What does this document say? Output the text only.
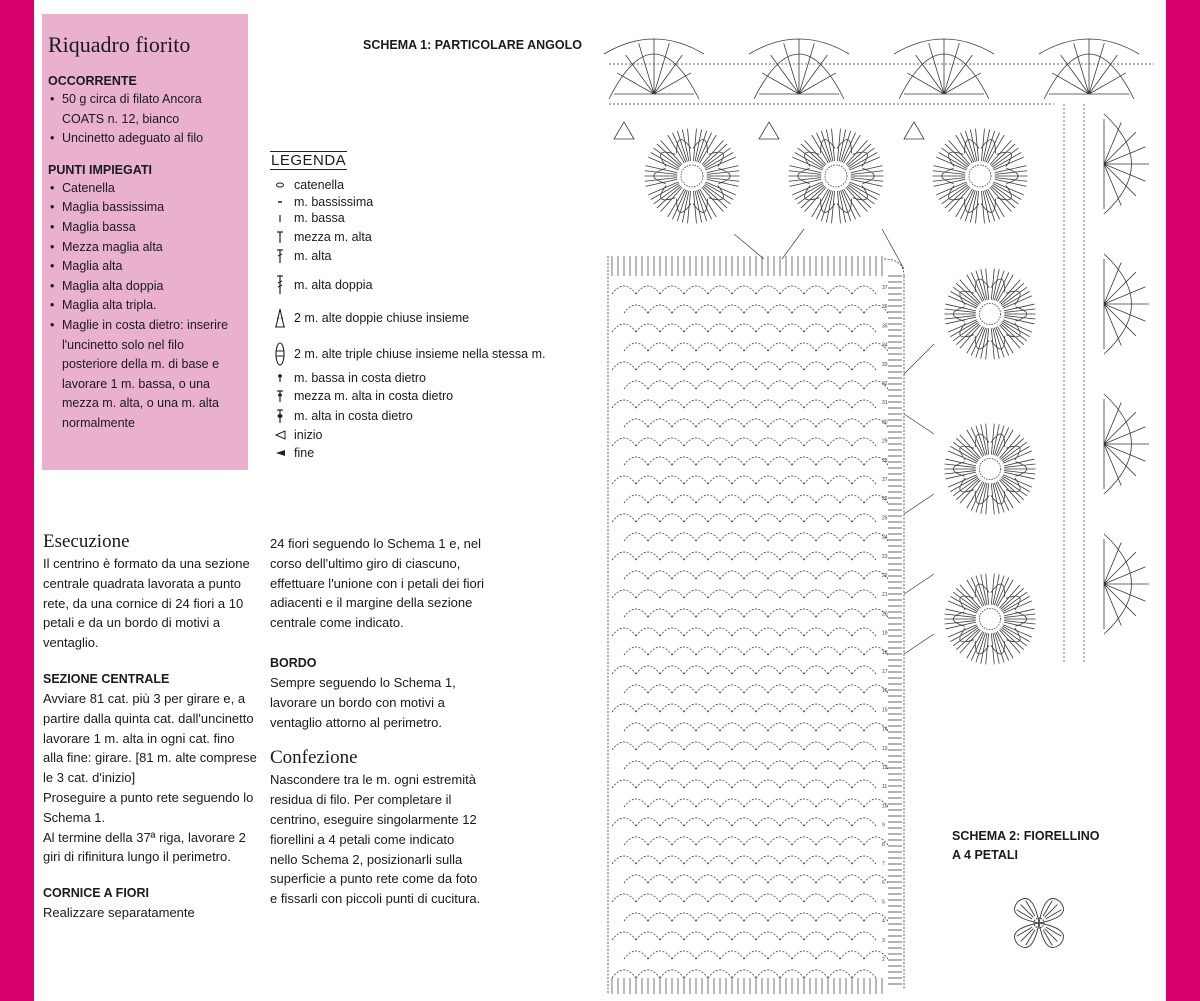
Riquadro fiorito
OCCORRENTE
• 50 g circa di filato Ancora COATS n. 12, bianco
• Uncinetto adeguato al filo
PUNTI IMPIEGATI
• Catenella
• Maglia bassissima
• Maglia bassa
• Mezza maglia alta
• Maglia alta
• Maglia alta doppia
• Maglia alta tripla.
• Maglie in costa dietro: inserire l'uncinetto solo nel filo posteriore della m. di base e lavorare 1 m. bassa, o una mezza m. alta, o una m. alta normalmente
SCHEMA 1: PARTICOLARE ANGOLO
LEGENDA
catenella
m. bassissima
m. bassa
mezza m. alta
m. alta
m. alta doppia
2 m. alte doppie chiuse insieme
2 m. alte triple chiuse insieme nella stessa m.
m. bassa in costa dietro
mezza m. alta in costa dietro
m. alta in costa dietro
inizio
fine
Esecuzione

Il centrino è formato da una sezione centrale quadrata lavorata a punto rete, da una cornice di 24 fiori a 10 petali e da un bordo di motivi a ventaglio.

SEZIONE CENTRALE

Avviare 81 cat. più 3 per girare e, a partire dalla quinta cat. dall'uncinetto lavorare 1 m. alta in ogni cat. fino alla fine: girare. [81 m. alte comprese le 3 cat. d'inizio]

Proseguire a punto rete seguendo lo Schema 1.

Al termine della 37ª riga, lavorare 2 giri di rifinitura lungo il perimetro.

CORNICE A FIORI

Realizzare separatamente

24 fiori seguendo lo Schema 1 e, nel corso dell'ultimo giro di ciascuno, effettuare l'unione con i petali dei fiori adiacenti e il margine della sezione centrale come indicato.

BORDO

Sempre seguendo lo Schema 1, lavorare un bordo con motivi a ventaglio attorno al perimetro.

Confezione

Nascondere tra le m. ogni estremità residua di filo. Per completare il centrino, eseguire singolarmente 12 fiorellini a 4 petali come indicato nello Schema 2, posizionarli sulla superficie a punto rete come da foto e fissarli con piccoli punti di cucitura.

37
36
35
34
33
32
31
30
29
28
27
26
25
24
23
22
21
20
19
18
17
16
15
14
13
12
11
10
9
8
7
6
5
4
3
2
SCHEMA 2: FIORELLINO
A 4 PETALI
